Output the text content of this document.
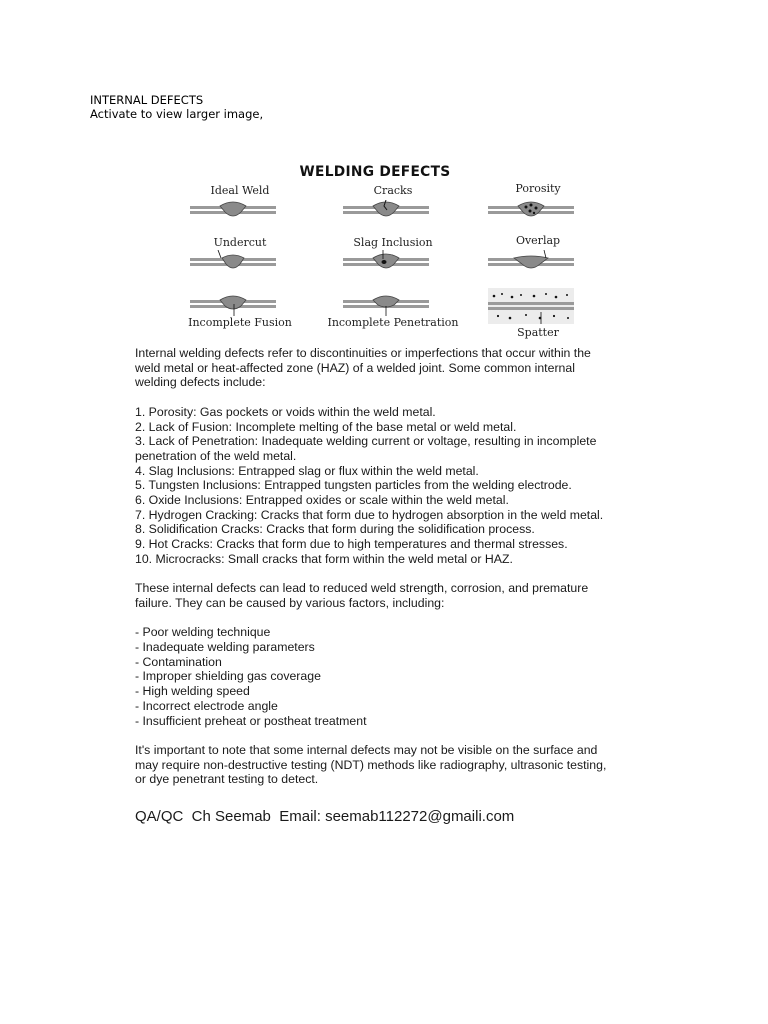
INTERNAL DEFECTS
Activate to view larger image,
WELDING DEFECTS
Ideal Weld	Cracks	Porosity
Undercut	Slag Inclusion	Overlap
Incomplete Fusion	Incomplete Penetration
Spatter

Internal welding defects refer to discontinuities or imperfections that occur within the

weld metal or heat-affected zone (HAZ) of a welded joint. Some common internal

welding defects include:

1. Porosity: Gas pockets or voids within the weld metal.
2. Lack of Fusion: Incomplete melting of the base metal or weld metal.
3. Lack of Penetration: Inadequate welding current or voltage, resulting in incomplete
penetration of the weld metal.
4. Slag Inclusions: Entrapped slag or flux within the weld metal.
5. Tungsten Inclusions: Entrapped tungsten particles from the welding electrode.
6. Oxide Inclusions: Entrapped oxides or scale within the weld metal.
7. Hydrogen Cracking: Cracks that form due to hydrogen absorption in the weld metal.
8. Solidification Cracks: Cracks that form during the solidification process.
9. Hot Cracks: Cracks that form due to high temperatures and thermal stresses.
10. Microcracks: Small cracks that form within the weld metal or HAZ.

These internal defects can lead to reduced weld strength, corrosion, and premature

failure. They can be caused by various factors, including:

- Poor welding technique
- Inadequate welding parameters
- Contamination
- Improper shielding gas coverage
- High welding speed
- Incorrect electrode angle
- Insufficient preheat or postheat treatment

It's important to note that some internal defects may not be visible on the surface and

may require non-destructive testing (NDT) methods like radiography, ultrasonic testing,

or dye penetrant testing to detect.

QA/QC  Ch Seemab  Email: seemab112272@gmaili.com
